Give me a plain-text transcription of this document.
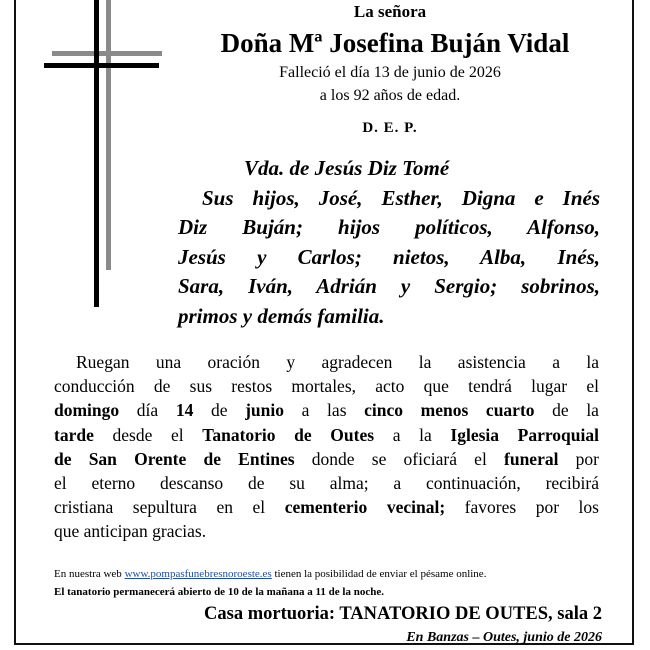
La señora
Doña Mª Josefina Buján Vidal
Falleció el día 13 de junio de 2026
a los 92 años de edad.
D. E. P.
Vda. de Jesús Diz Tomé
Sus hijos, José, Esther, Digna e Inés
Diz Buján; hijos políticos, Alfonso,
Jesús y Carlos; nietos, Alba, Inés,
Sara, Iván, Adrián y Sergio; sobrinos,
primos y demás familia.
Ruegan una oración y agradecen la asistencia a la
conducción de sus restos mortales, acto que tendrá lugar el
domingo día 14 de junio a las cinco menos cuarto de la
tarde desde el Tanatorio de Outes a la Iglesia Parroquial
de San Orente de Entines donde se oficiará el funeral por
el eterno descanso de su alma; a continuación, recibirá
cristiana sepultura en el cementerio vecinal; favores por los
que anticipan gracias.
En nuestra web www.pompasfunebresnoroeste.es tienen la posibilidad de enviar el pésame online.
El tanatorio permanecerá abierto de 10 de la mañana a 11 de la noche.
Casa mortuoria: TANATORIO DE OUTES, sala 2
En Banzas – Outes, junio de 2026
